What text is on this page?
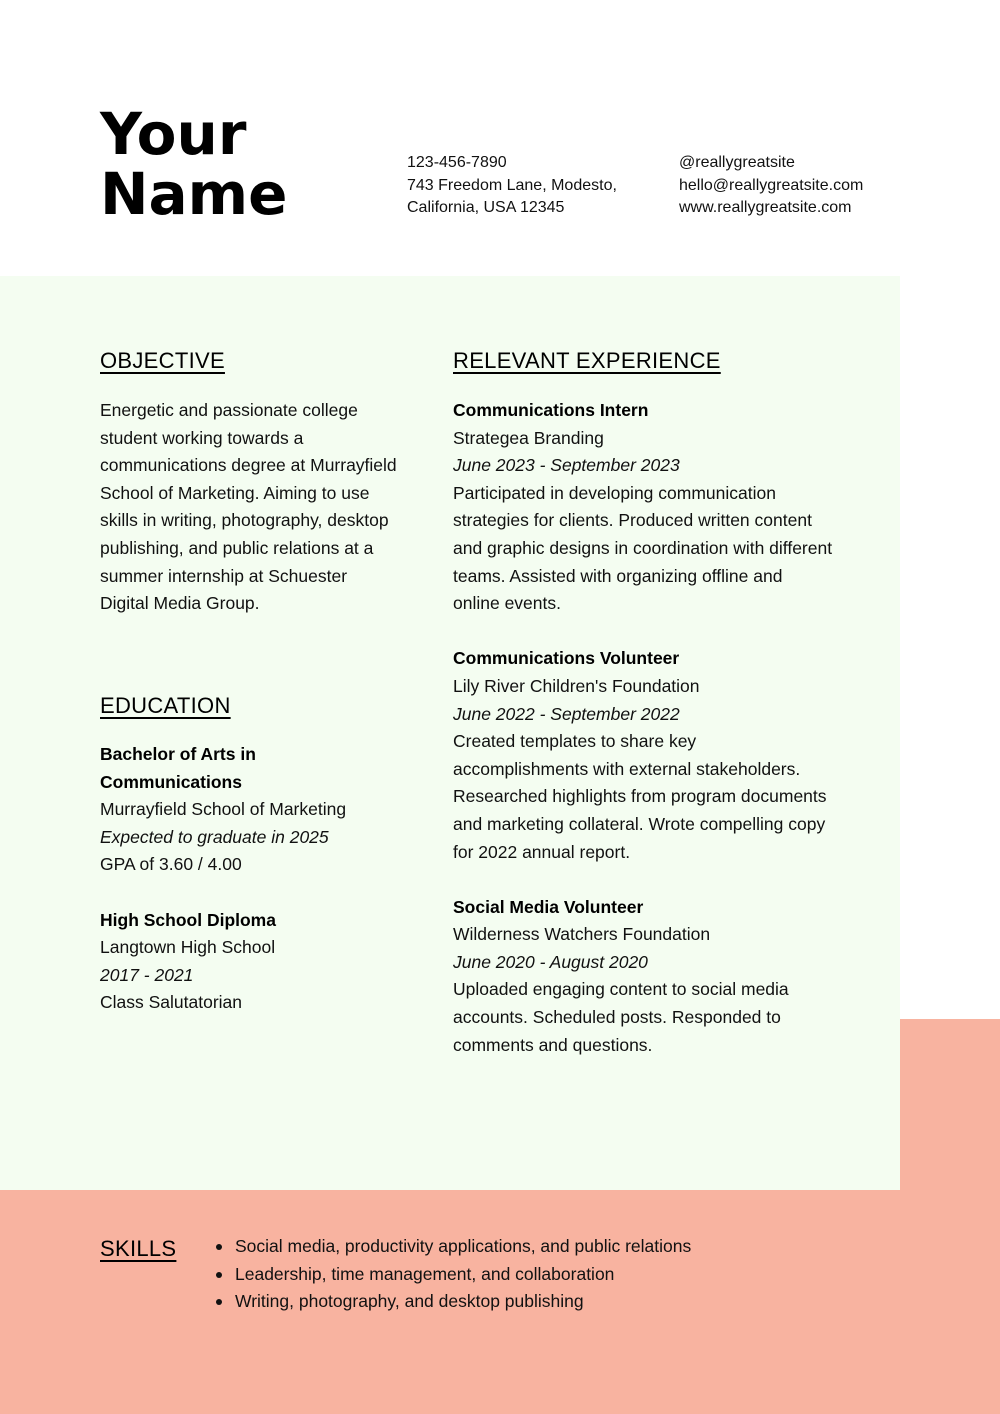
Your
Name	123-456-7890
743 Freedom Lane, Modesto,
California, USA 12345
@reallygreatsite
hello@reallygreatsite.com
www.reallygreatsite.com
OBJECTIVE

Energetic and passionate college student working towards a communications degree at Murrayfield School of Marketing. Aiming to use skills in writing, photography, desktop publishing, and public relations at a summer internship at Schuester Digital Media Group.

EDUCATION
Bachelor of Arts in Communications
Murrayfield School of Marketing
Expected to graduate in 2025
GPA of 3.60 / 4.00
High School Diploma
Langtown High School
2017 - 2021
Class Salutatorian
RELEVANT EXPERIENCE
Communications Intern
Strategea Branding
June 2023 - September 2023
Participated in developing communication strategies for clients. Produced written content and graphic designs in coordination with different teams. Assisted with organizing offline and online events.
Communications Volunteer
Lily River Children's Foundation
June 2022 - September 2022
Created templates to share key accomplishments with external stakeholders. Researched highlights from program documents and marketing collateral. Wrote compelling copy for 2022 annual report.
Social Media Volunteer
Wilderness Watchers Foundation
June 2020 - August 2020
Uploaded engaging content to social media accounts. Scheduled posts. Responded to comments and questions.
SKILLS	Social media, productivity applications, and public relations
Leadership, time management, and collaboration
Writing, photography, and desktop publishing
